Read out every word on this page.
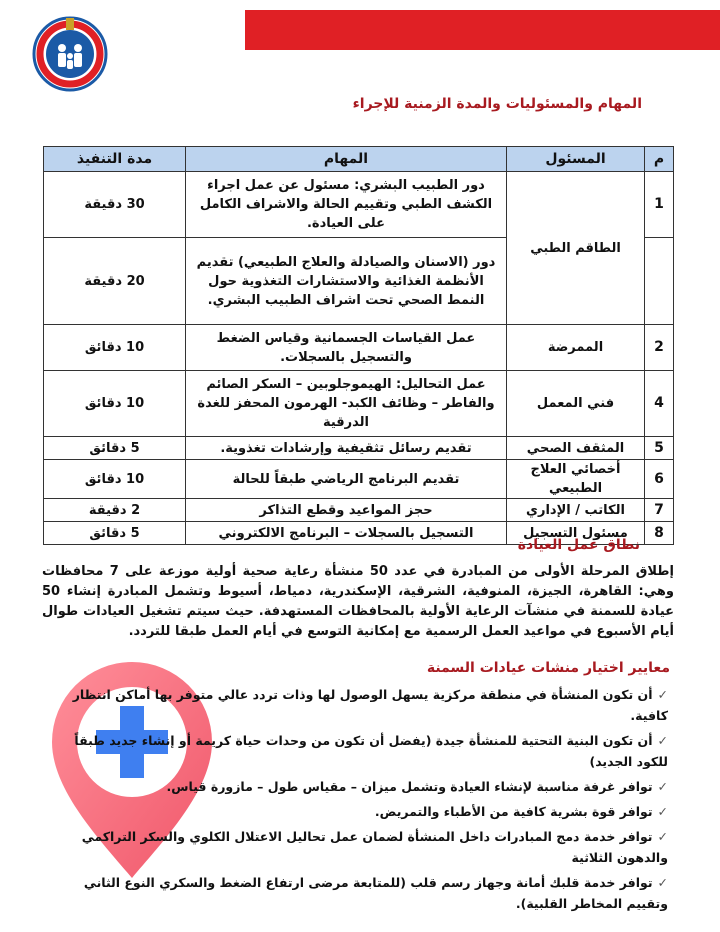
المهام والمسئوليات والمدة الزمنية للإجراء
م	المسئول	المهام	مدة التنفيذ
1	الطاقم الطبي	دور الطبيب البشري: مسئول عن عمل اجراء الكشف الطبي وتقييم الحالة والاشراف الكامل على العيادة.	30 دقيقة
		دور (الاسنان والصيادلة والعلاج الطبيعي) تقديم الأنظمة الغذائية والاستشارات التغذوية حول النمط الصحي تحت اشراف الطبيب البشري.	20 دقيقة
2	الممرضة	عمل القياسات الجسمانية وقياس الضغط والتسجيل بالسجلات.	10 دقائق
4	فني المعمل	عمل التحاليل: الهيموجلوبين – السكر الصائم والفاطر – وظائف الكبد- الهرمون المحفز للغدة الدرقية	10 دقائق
5	المثقف الصحي	تقديم رسائل تثقيفية وإرشادات تغذوية.	5 دقائق
6	أخصائي العلاج الطبيعي	تقديم البرنامج الرياضي طبقاً للحالة	10 دقائق
7	الكاتب / الإداري	حجز المواعيد وقطع التذاكر	2 دقيقة
8	مسئول التسجيل	التسجيل بالسجلات – البرنامج الالكتروني	5 دقائق
نطاق عمل العيادة
إطلاق المرحلة الأولى من المبادرة في عدد 50 منشأة رعاية صحية أولية موزعة على 7 محافظات وهي: القاهرة، الجيزة، المنوفية، الشرقية، الإسكندرية، دمياط، أسيوط وتشمل المبادرة إنشاء 50 عيادة للسمنة في منشآت الرعاية الأولية بالمحافظات المستهدفة. حيث سيتم تشغيل العيادات طوال أيام الأسبوع في مواعيد العمل الرسمية مع إمكانية التوسع في أيام العمل طبقا للتردد.
معايير اختيار منشات عيادات السمنة
✓أن تكون المنشأة في منطقة مركزية يسهل الوصول لها وذات تردد عالي متوفر بها أماكن انتظار كافية.
✓أن تكون البنية التحتية للمنشأة جيدة (يفضل أن تكون من وحدات حياة كريمة أو إنشاء جديد طبقاً للكود الجديد)
✓توافر غرفة مناسبة لإنشاء العيادة وتشمل ميزان – مقياس طول – مازورة قياس.
✓توافر قوة بشرية كافية من الأطباء والتمريض.
✓توافر خدمة دمج المبادرات داخل المنشأة لضمان عمل تحاليل الاعتلال الكلوي والسكر التراكمي والدهون الثلاثية
✓توافر خدمة قلبك أمانة وجهاز رسم قلب (للمتابعة مرضى ارتفاع الضغط والسكري النوع الثاني وتقييم المخاطر القلبية).
